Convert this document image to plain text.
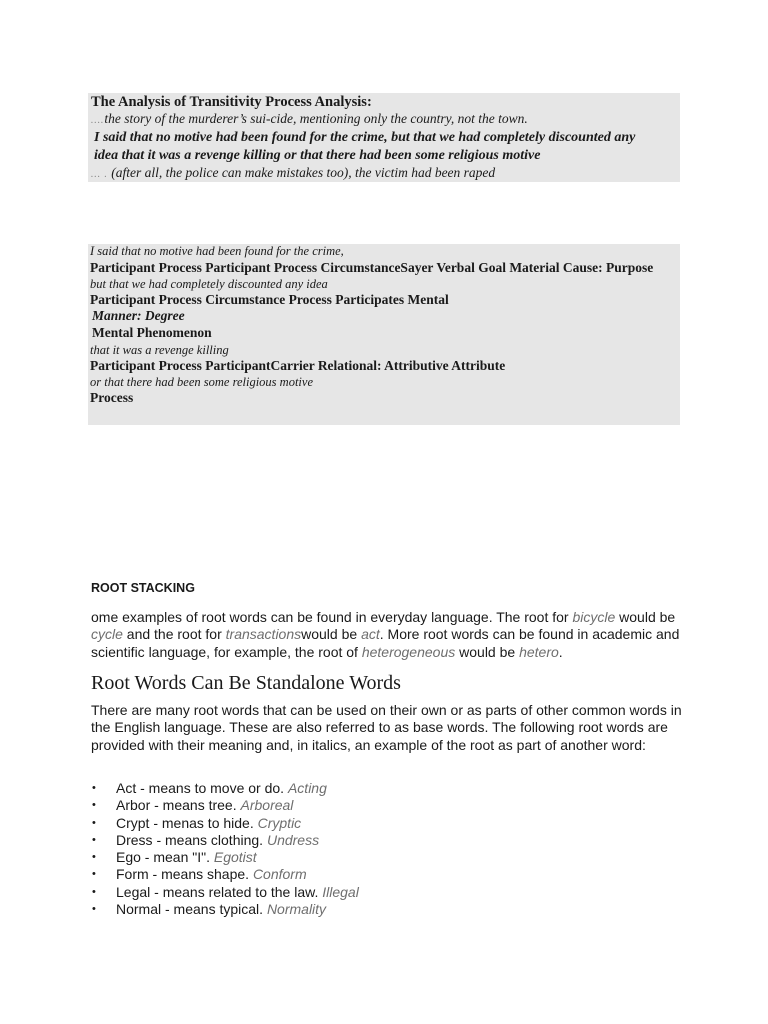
The Analysis of Transitivity Process Analysis:
….the story of the murderer’s sui-cide, mentioning only the country, not the town.
I said that no motive had been found for the crime, but that we had completely discounted any
idea that it was a revenge killing or that there had been some religious motive
… . (after all, the police can make mistakes too), the victim had been raped
I said that no motive had been found for the crime,
Participant Process Participant Process CircumstanceSayer Verbal Goal Material Cause: Purpose
but that we had completely discounted any idea
Participant Process Circumstance Process Participates Mental
Manner: Degree
Mental Phenomenon
that it was a revenge killing
Participant Process ParticipantCarrier Relational: Attributive Attribute
or that there had been some religious motive
Process
ROOT STACKING
ome examples of root words can be found in everyday language. The root for bicycle would be cycle and the root for transactionswould be act. More root words can be found in academic and scientific language, for example, the root of heterogeneous would be hetero.
Root Words Can Be Standalone Words
There are many root words that can be used on their own or as parts of other common words in the English language. These are also referred to as base words. The following root words are provided with their meaning and, in italics, an example of the root as part of another word:
• Act - means to move or do. Acting
• Arbor - means tree. Arboreal
• Crypt - menas to hide. Cryptic
• Dress - means clothing. Undress
• Ego - mean "I". Egotist
• Form - means shape. Conform
• Legal - means related to the law. Illegal
• Normal - means typical. Normality
